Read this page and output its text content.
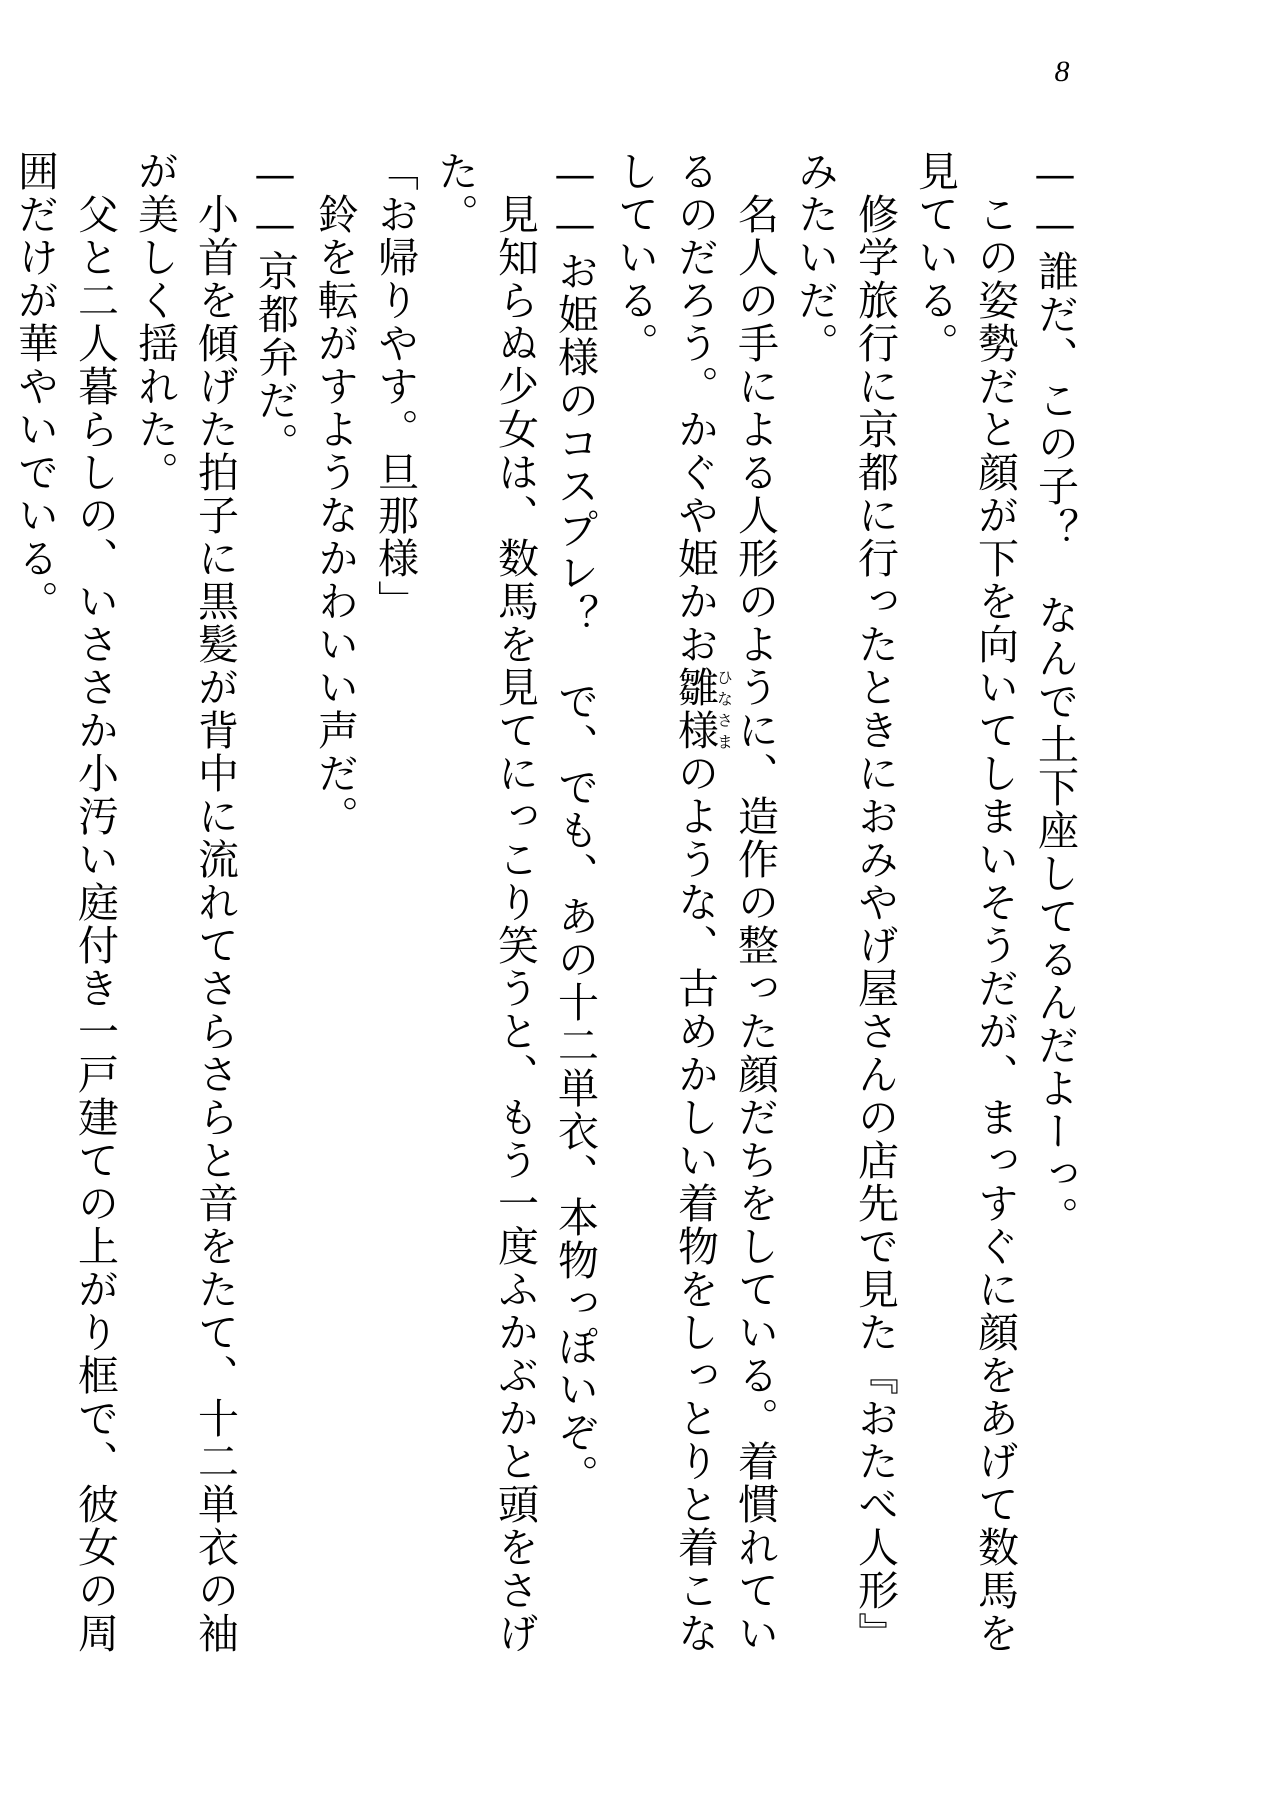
8

——誰だ、この子？　なんで土下座してるんだよーっ。

　この姿勢だと顔が下を向いてしまいそうだが、まっすぐに顔をあげて数馬を見ている。

　修学旅行に京都に行ったときにおみやげ屋さんの店先で見た『おたべ人形』みたいだ。

　名人の手による人形のように、造作の整った顔だちをしている。着慣れているのだろう。かぐや姫かお雛様ひなさまのような、古めかしい着物をしっとりと着こなしている。

——お姫様のコスプレ？　で、でも、あの十二単衣、本物っぽいぞ。

　見知らぬ少女は、数馬を見てにっこり笑うと、もう一度ふかぶかと頭をさげた。

「お帰りやす。旦那様」

　鈴を転がすようなかわいい声だ。

——京都弁だ。

　小首を傾げた拍子に黒髪が背中に流れてさらさらと音をたて、十二単衣の袖が美しく揺れた。

　父と二人暮らしの、いささか小汚い庭付き一戸建ての上がり框で、彼女の周囲だけが華やいでいる。
